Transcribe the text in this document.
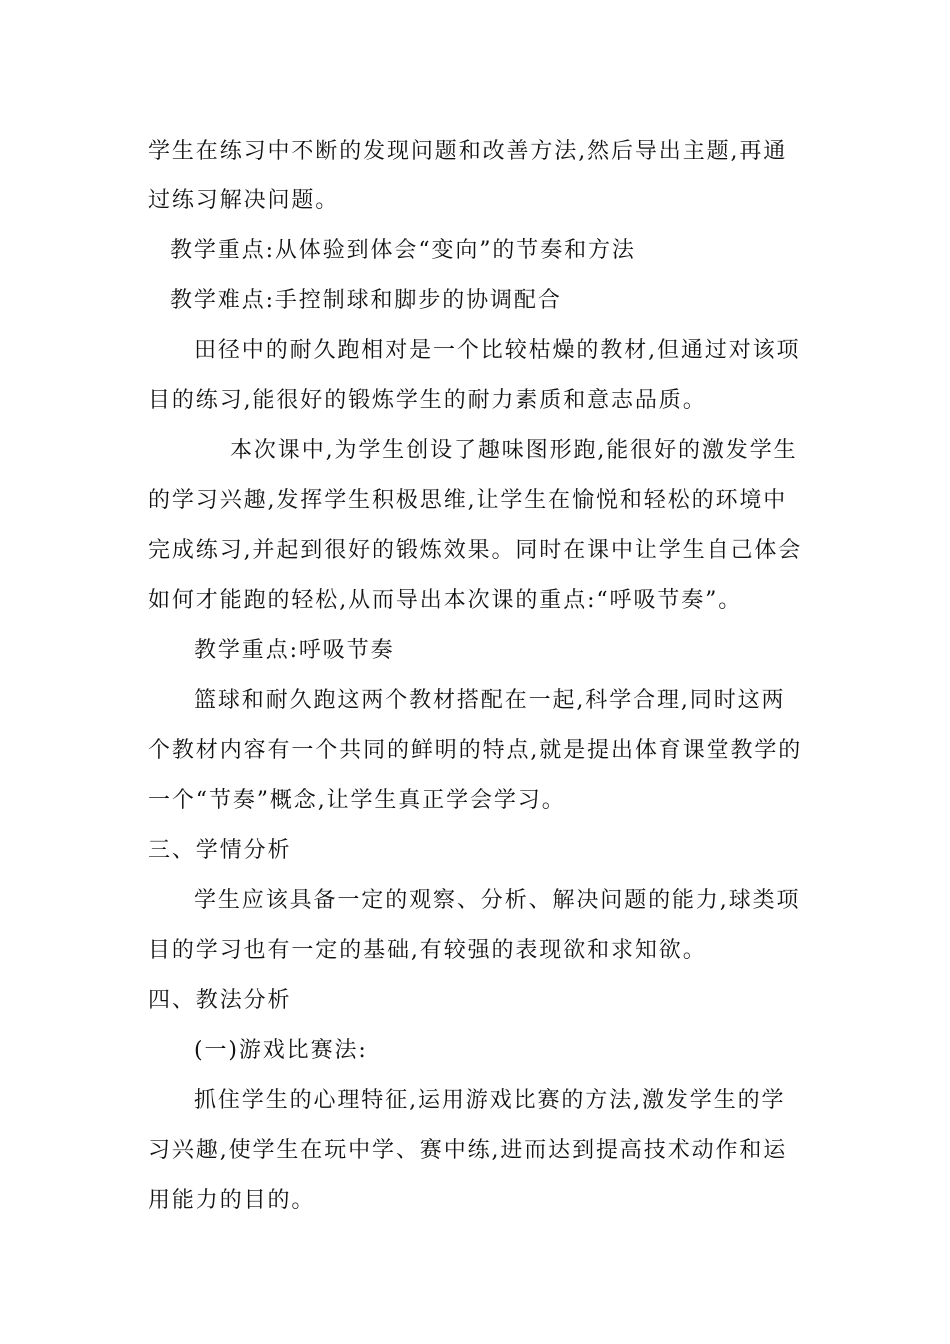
学生在练习中不断的发现问题和改善方法,然后导出主题,再通
过练习解决问题。
教学重点:从体验到体会“变向”的节奏和方法
教学难点:手控制球和脚步的协调配合
田径中的耐久跑相对是一个比较枯燥的教材,但通过对该项
目的练习,能很好的锻炼学生的耐力素质和意志品质。
本次课中,为学生创设了趣味图形跑,能很好的激发学生
的学习兴趣,发挥学生积极思维,让学生在愉悦和轻松的环境中
完成练习,并起到很好的锻炼效果。同时在课中让学生自己体会
如何才能跑的轻松,从而导出本次课的重点:“呼吸节奏”。
教学重点:呼吸节奏
篮球和耐久跑这两个教材搭配在一起,科学合理,同时这两
个教材内容有一个共同的鲜明的特点,就是提出体育课堂教学的
一个“节奏”概念,让学生真正学会学习。
三、学情分析
学生应该具备一定的观察、分析、解决问题的能力,球类项
目的学习也有一定的基础,有较强的表现欲和求知欲。
四、教法分析
(一)游戏比赛法:
抓住学生的心理特征,运用游戏比赛的方法,激发学生的学
习兴趣,使学生在玩中学、赛中练,进而达到提高技术动作和运
用能力的目的。
